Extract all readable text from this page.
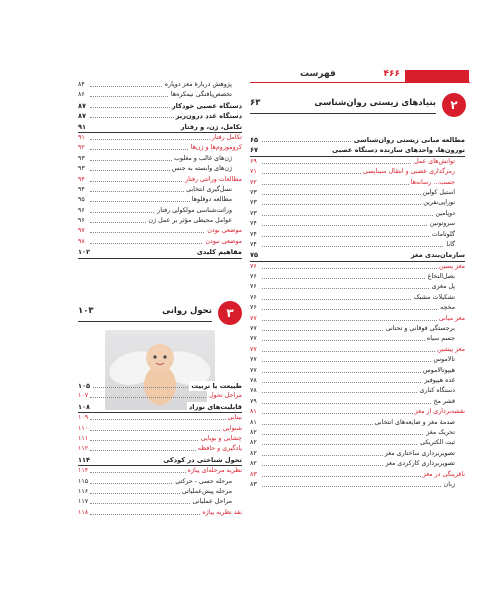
۴۶۶
فهرست
۲
بنیادهای زیستی روان‌شناسی
۶۳
مطالعه مبانی زیستی روان‌شناسی
۶۵
نورون‌ها، واحدهای سازنده دستگاه عصبی
۶۷
توانش‌های عمل
۶۹
رمزگذاری عصبی و انتقال سیناپسی
۷۱
جسب... رسانه‌ها
۷۲
استیل کولین
۷۳
نوراپی‌نفرین
۷۳
دوپامین
۷۳
سروتونین
۷۴
گلوتامات
۷۴
گابا
۷۴
سازمان‌بندی مغز
۷۵
مغز پسین
۷۶
بصل‌النخاع
۷۶
پل مغزی
۷۶
تشکیلات مشبک
۷۶
مخچه
۷۶
مغز میانی
۷۷
برجستگی فوقانی و تحتانی
۷۷
جسم سیاه
۷۷
مغز پیشین
۷۷
تالاموس
۷۷
هیپوتالاموس
۷۷
غده هیپوفیز
۷۸
دستگاه کناری
۷۸
قشر مخ
۷۹
نقشه‌برداری از مغز
۸۱
صدمهٔ مغز و ضایعه‌های انتخابی
۸۱
تحریک مغز
۸۲
ثبت الکتریکی
۸۲
تصویربرداری ساختاری مغز
۸۲
تصویربرداری کارکردی مغز
۸۲
ناقرینگی در مغز
۸۳
زبان
۸۳
پژوهش دربارهٔ مغز دوپاره
۸۴
تخصص‌یافتگی نیمکره‌ها
۸۶
دستگاه عصبی خودکار
۸۷
دستگاه غدد درون‌ریز
۸۷
تکامل، ژن، و رفتار
۹۱
تکامل رفتار
۹۱
کروموزوم‌ها و ژن‌ها
۹۲
ژن‌های غالب و مغلوب
۹۳
ژن‌های وابسته به جنس
۹۳
مطالعات وراثتی رفتار
۹۴
نسل‌گیری انتخابی
۹۴
مطالعه دوقلوها
۹۵
وراثت‌شناسی مولکولی رفتار
۹۶
عوامل محیطی مؤثر بر عمل ژن
۹۶
موضعی بودن
۹۷
موضعی نبودن
۹۸
مفاهیم کلیدی
۱۰۲
۳
تحول روانی
۱۰۳
طبیعت یا تربیت
۱۰۵
مراحل تحول
۱۰۷
قابلیت‌های نوزاد
۱۰۸
بینایی
۱۰۹
شنوایی
۱۱۰
چشایی و بویایی
۱۱۱
یادگیری و حافظه
۱۱۲
تحول شناختی در کودکی
۱۱۴
نظریه مرحله‌ای پیاژه
۱۱۴
مرحله حسی - حرکتی
۱۱۵
مرحله پیش‌عملیاتی
۱۱۶
مراحل عملیاتی
۱۱۷
نقد نظریه پیاژه
۱۱۸
